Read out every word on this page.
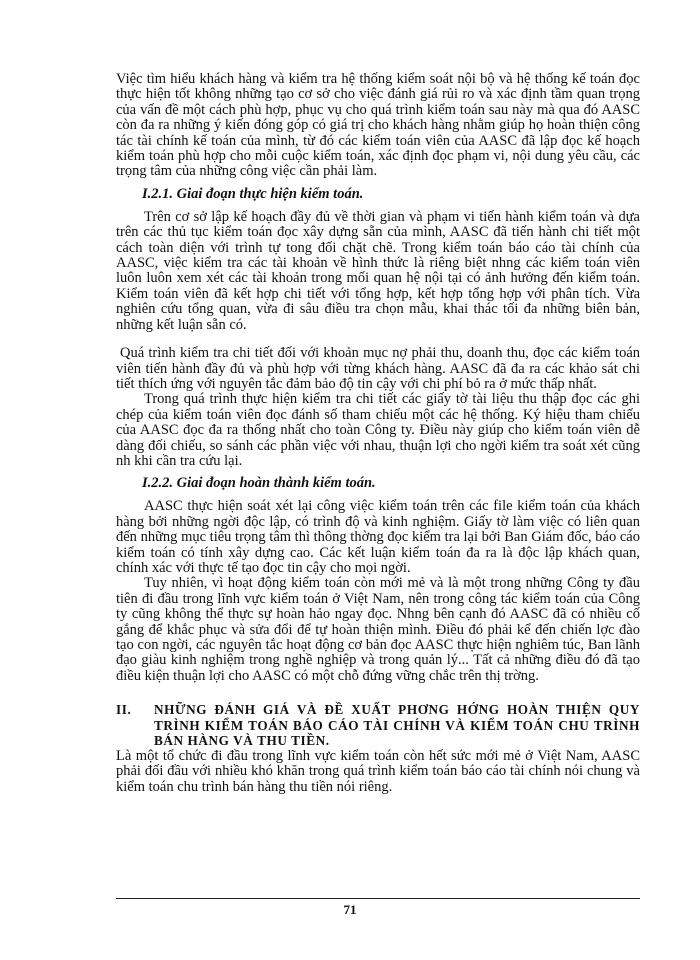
Việc tìm hiểu khách hàng và kiểm tra hệ thống kiểm soát nội bộ và hệ thống kế toán đọc thực hiện tốt không những tạo cơ sở cho việc đánh giá rủi ro và xác định tầm quan trọng của vấn đề một cách phù hợp, phục vụ cho quá trình kiểm toán sau này mà qua đó AASC còn đa ra những ý kiến đóng góp có giá trị cho khách hàng nhằm giúp họ hoàn thiện công tác tài chính kế toán của mình, từ đó các kiểm toán viên của AASC đã lập đọc kế hoạch kiểm toán phù hợp cho mỗi cuộc kiểm toán, xác định đọc phạm vi, nội dung yêu cầu, các trọng tâm của những công việc cần phải làm.

I.2.1. Giai đoạn thực hiện kiểm toán.

Trên cơ sở lập kế hoạch đầy đủ về thời gian và phạm vi tiến hành kiểm toán và dựa trên các thủ tục kiểm toán đọc xây dựng sẵn của mình, AASC đã tiến hành chi tiết một cách toàn diện với trình tự tong đối chặt chẽ. Trong kiểm toán báo cáo tài chính của AASC, việc kiểm tra các tài khoản về hình thức là riêng biệt nhng các kiểm toán viên luôn luôn xem xét các tài khoản trong mối quan hệ nội tại có ảnh hưởng đến kiểm toán. Kiểm toán viên đã kết hợp chi tiết với tổng hợp, kết hợp tổng hợp với phân tích. Vừa nghiên cứu tổng quan, vừa đi sâu điều tra chọn mẫu, khai thác tối đa những biên bản, những kết luận sẵn có.

Quá trình kiểm tra chi tiết đối với khoản mục nợ phải thu, doanh thu, đọc các kiểm toán viên tiến hành đầy đủ và phù hợp với từng khách hàng. AASC đã đa ra các khảo sát chi tiết thích ứng với nguyên tắc đảm bảo độ tin cậy với chi phí bỏ ra ở mức thấp nhất.

Trong quá trình thực hiện kiểm tra chi tiết các giấy tờ tài liệu thu thập đọc các ghi chép của kiểm toán viên đọc đánh số tham chiếu một các hệ thống. Ký hiệu tham chiếu của AASC đọc đa ra thống nhất cho toàn Công ty. Điều này giúp cho kiểm toán viên dễ dàng đối chiếu, so sánh các phần việc với nhau, thuận lợi cho ngời kiểm tra soát xét cũng nh khi cần tra cứu lại.

I.2.2. Giai đoạn hoàn thành kiểm toán.

AASC thực hiện soát xét lại công việc kiểm toán trên các file kiểm toán của khách hàng bởi những ngời độc lập, có trình độ và kinh nghiệm. Giấy tờ làm việc có liên quan đến những mục tiêu trọng tâm thì thông thờng đọc kiểm tra lại bởi Ban Giám đốc, báo cáo kiểm toán có tính xây dựng cao. Các kết luận kiểm toán đa ra là độc lập khách quan, chính xác với thực tế tạo đọc tin cậy cho mọi ngời.

Tuy nhiên, vì hoạt động kiểm toán còn mới mẻ và là một trong những Công ty đầu tiên đi đầu trong lĩnh vực kiểm toán ở Việt Nam, nên trong công tác kiểm toán của Công ty cũng không thể thực sự hoàn hảo ngay đọc. Nhng bên cạnh đó AASC đã có nhiều cố gắng để khắc phục và sửa đổi để tự hoàn thiện mình. Điều đó phải kể đến chiến lợc đào tạo con ngời, các nguyên tắc hoạt động cơ bản đọc AASC thực hiện nghiêm túc, Ban lãnh đạo giàu kinh nghiệm trong nghề nghiệp và trong quản lý... Tất cả những điều đó đã tạo điều kiện thuận lợi cho AASC có một chỗ đứng vững chắc trên thị trờng.

II.	NHỮNG ĐÁNH GIÁ VÀ ĐỀ XUẤT PHƠNG HỚNG HOÀN THIỆN QUY TRÌNH KIỂM TOÁN BÁO CÁO TÀI CHÍNH VÀ KIỂM TOÁN CHU TRÌNH BÁN HÀNG VÀ THU TIỀN.

Là một tổ chức đi đầu trong lĩnh vực kiểm toán còn hết sức mới mẻ ở Việt Nam, AASC phải đối đầu với nhiều khó khăn trong quá trình kiểm toán báo cáo tài chính nói chung và kiểm toán chu trình bán hàng thu tiền nói riêng.

71
